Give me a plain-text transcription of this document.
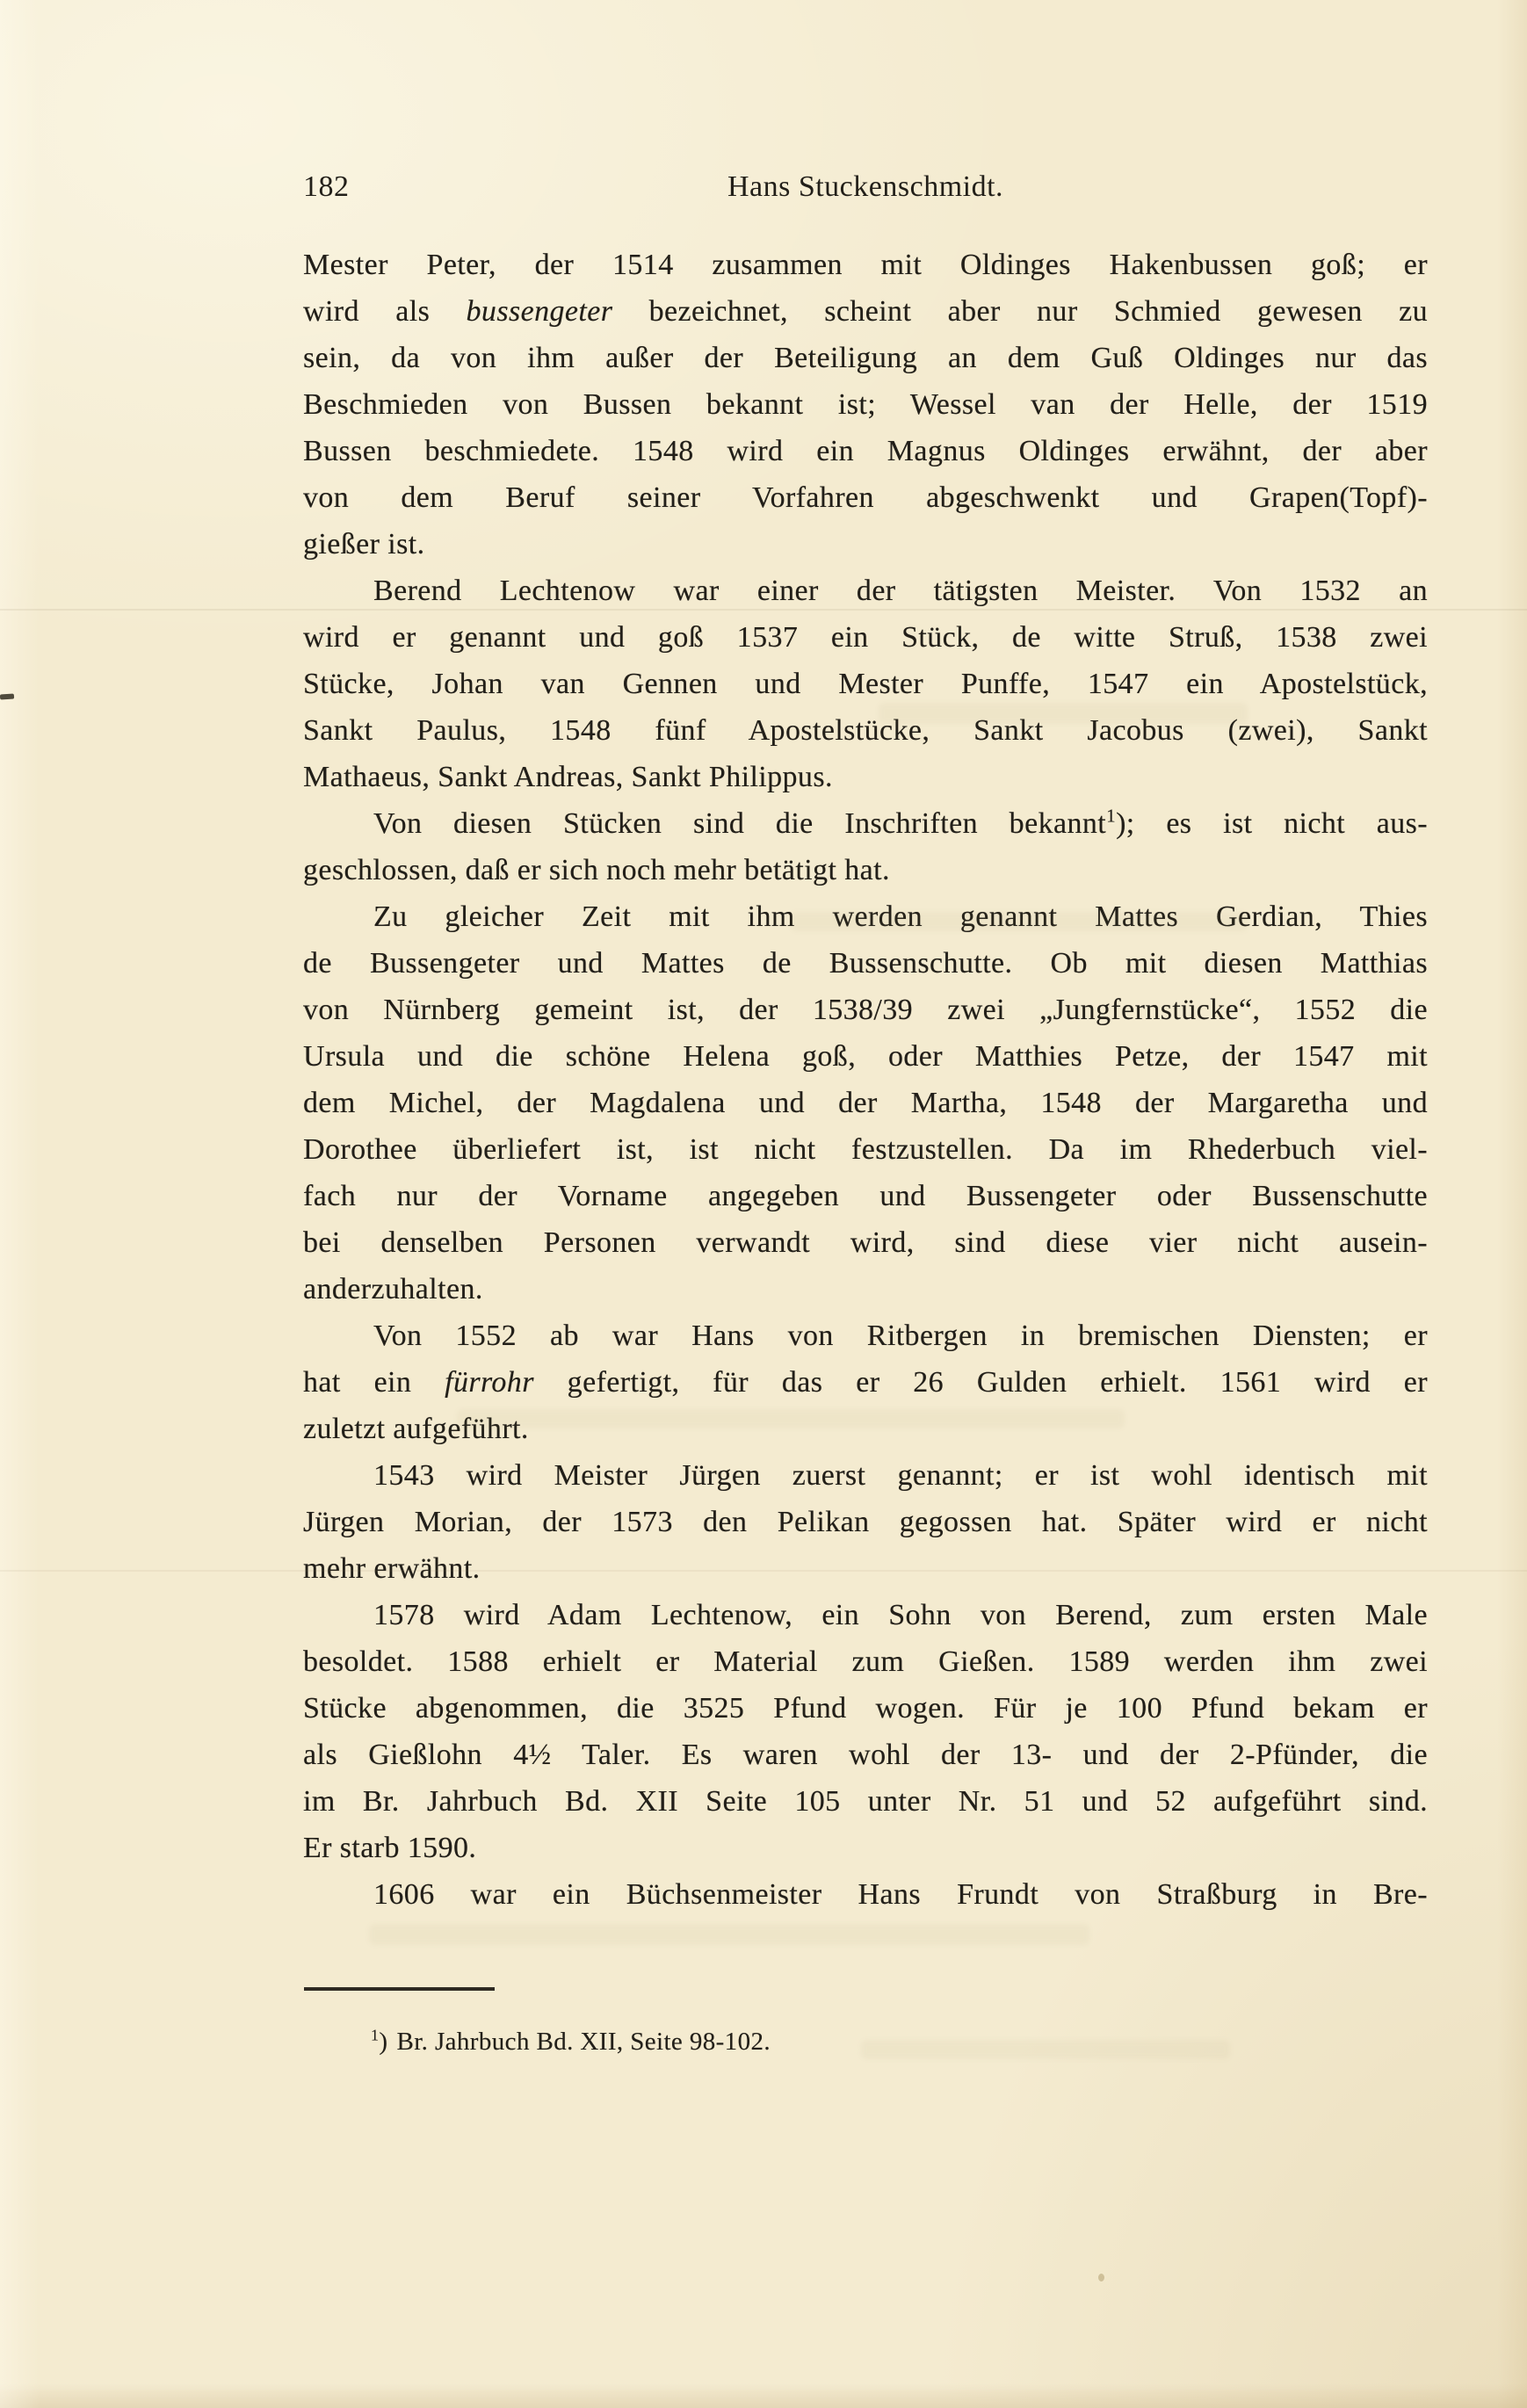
182	Hans Stuckenschmidt.
Mester Peter, der 1514 zusammen mit Oldinges Hakenbussen goß; er
wird als bussengeter bezeichnet, scheint aber nur Schmied gewesen zu
sein, da von ihm außer der Beteiligung an dem Guß Oldinges nur das
Beschmieden von Bussen bekannt ist; Wessel van der Helle, der 1519
Bussen beschmiedete. 1548 wird ein Magnus Oldinges erwähnt, der aber
von dem Beruf seiner Vorfahren abgeschwenkt und Grapen(Topf)-
gießer ist.
Berend Lechtenow war einer der tätigsten Meister. Von 1532 an
wird er genannt und goß 1537 ein Stück, de witte Struß, 1538 zwei
Stücke, Johan van Gennen und Mester Punffe, 1547 ein Apostelstück,
Sankt Paulus, 1548 fünf Apostelstücke, Sankt Jacobus (zwei), Sankt
Mathaeus, Sankt Andreas, Sankt Philippus.
Von diesen Stücken sind die Inschriften bekannt$^1$); es ist nicht aus-
geschlossen, daß er sich noch mehr betätigt hat.
Zu gleicher Zeit mit ihm werden genannt Mattes Gerdian, Thies
de Bussengeter und Mattes de Bussenschutte. Ob mit diesen Matthias
von Nürnberg gemeint ist, der 1538/39 zwei „Jungfernstücke“, 1552 die
Ursula und die schöne Helena goß, oder Matthies Petze, der 1547 mit
dem Michel, der Magdalena und der Martha, 1548 der Margaretha und
Dorothee überliefert ist, ist nicht festzustellen. Da im Rhederbuch viel-
fach nur der Vorname angegeben und Bussengeter oder Bussenschutte
bei denselben Personen verwandt wird, sind diese vier nicht ausein-
anderzuhalten.
Von 1552 ab war Hans von Ritbergen in bremischen Diensten; er
hat ein fürrohr gefertigt, für das er 26 Gulden erhielt. 1561 wird er
zuletzt aufgeführt.
1543 wird Meister Jürgen zuerst genannt; er ist wohl identisch mit
Jürgen Morian, der 1573 den Pelikan gegossen hat. Später wird er nicht
mehr erwähnt.
1578 wird Adam Lechtenow, ein Sohn von Berend, zum ersten Male
besoldet. 1588 erhielt er Material zum Gießen. 1589 werden ihm zwei
Stücke abgenommen, die 3525 Pfund wogen. Für je 100 Pfund bekam er
als Gießlohn 4½ Taler. Es waren wohl der 13- und der 2-Pfünder, die
im Br. Jahrbuch Bd. XII Seite 105 unter Nr. 51 und 52 aufgeführt sind.
Er starb 1590.
1606 war ein Büchsenmeister Hans Frundt von Straßburg in Bre-
$^1$) Br. Jahrbuch Bd. XII, Seite 98-102.
